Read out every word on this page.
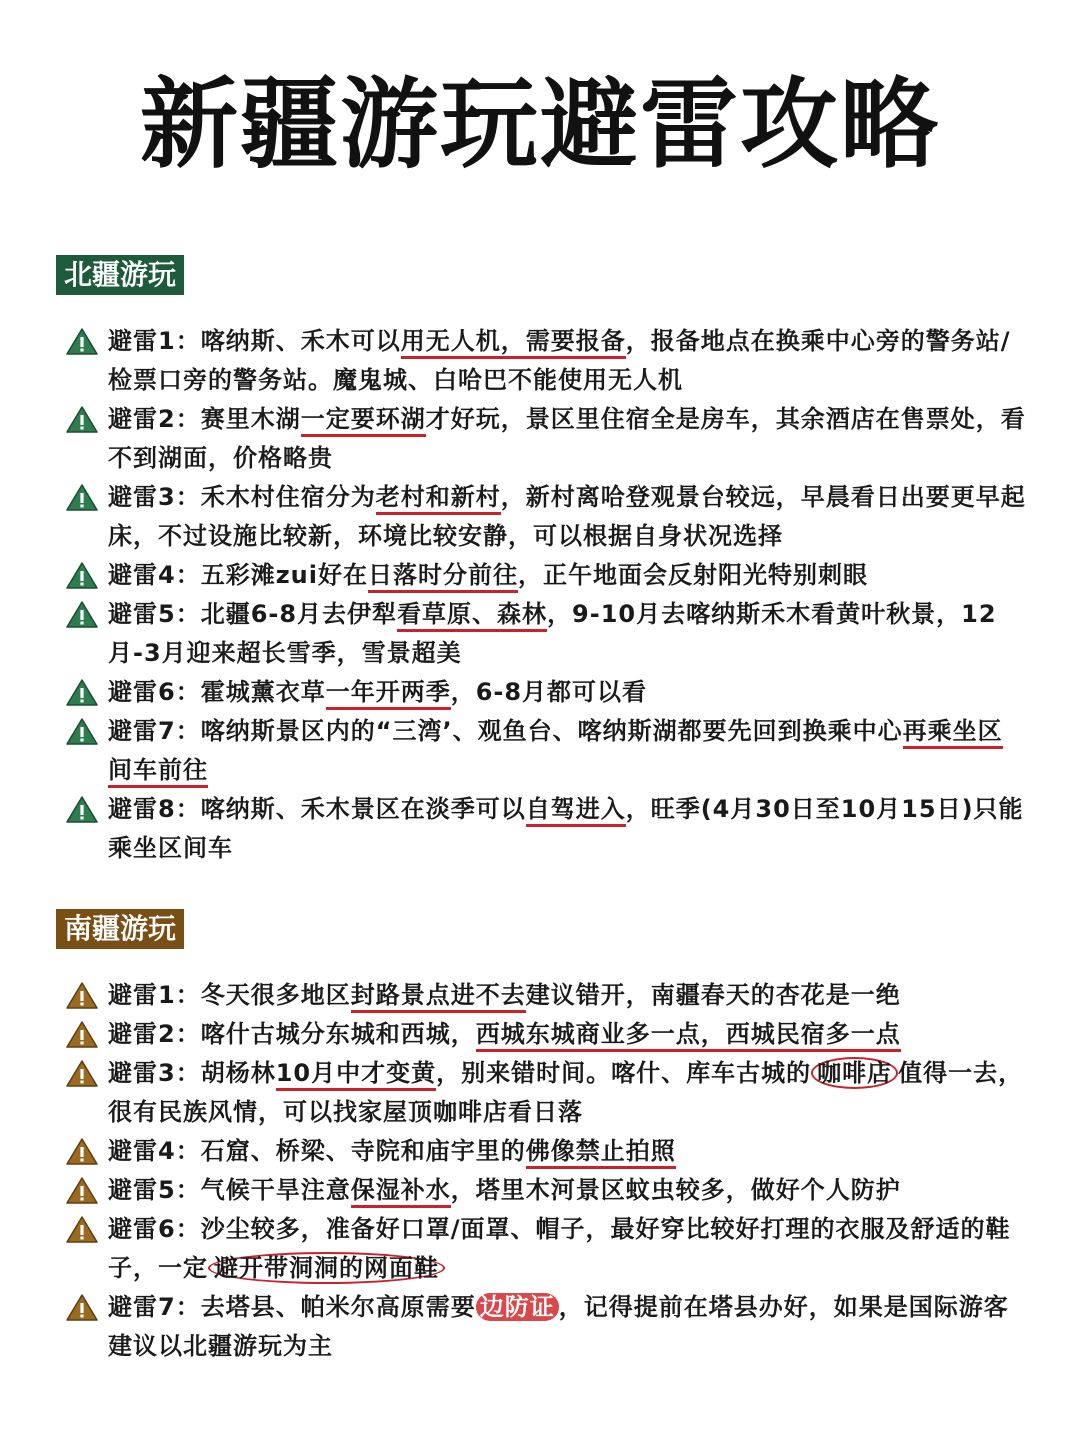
新疆游玩避雷攻略
北疆游玩
避雷1：喀纳斯、禾木可以用无人机，需要报备，报备地点在换乘中心旁的警务站/检票口旁的警务站。魔鬼城、白哈巴不能使用无人机
避雷2：赛里木湖一定要环湖才好玩，景区里住宿全是房车，其余酒店在售票处，看不到湖面，价格略贵
避雷3：禾木村住宿分为老村和新村，新村离哈登观景台较远，早晨看日出要更早起床，不过设施比较新，环境比较安静，可以根据自身状况选择
避雷4：五彩滩zui好在日落时分前往，正午地面会反射阳光特别刺眼
避雷5：北疆6-8月去伊犁看草原、森林，9-10月去喀纳斯禾木看黄叶秋景，12月-3月迎来超长雪季，雪景超美
避雷6：霍城薰衣草一年开两季，6-8月都可以看
避雷7：喀纳斯景区内的“三湾’、观鱼台、喀纳斯湖都要先回到换乘中心再乘坐区间车前往
避雷8：喀纳斯、禾木景区在淡季可以自驾进入，旺季(4月30日至10月15日)只能乘坐区间车
南疆游玩
避雷1：冬天很多地区封路景点进不去建议错开，南疆春天的杏花是一绝
避雷2：喀什古城分东城和西城，西城东城商业多一点，西城民宿多一点
避雷3：胡杨林10月中才变黄，别来错时间。喀什、库车古城的 咖啡店 值得一去，很有民族风情，可以找家屋顶咖啡店看日落
避雷4：石窟、桥梁、寺院和庙宇里的佛像禁止拍照
避雷5：气候干旱注意保湿补水，塔里木河景区蚊虫较多，做好个人防护
避雷6：沙尘较多，准备好口罩/面罩、帽子，最好穿比较好打理的衣服及舒适的鞋子，一定 避开带洞洞的网面鞋
避雷7：去塔县、帕米尔高原需要 边防证 ，记得提前在塔县办好，如果是国际游客建议以北疆游玩为主
